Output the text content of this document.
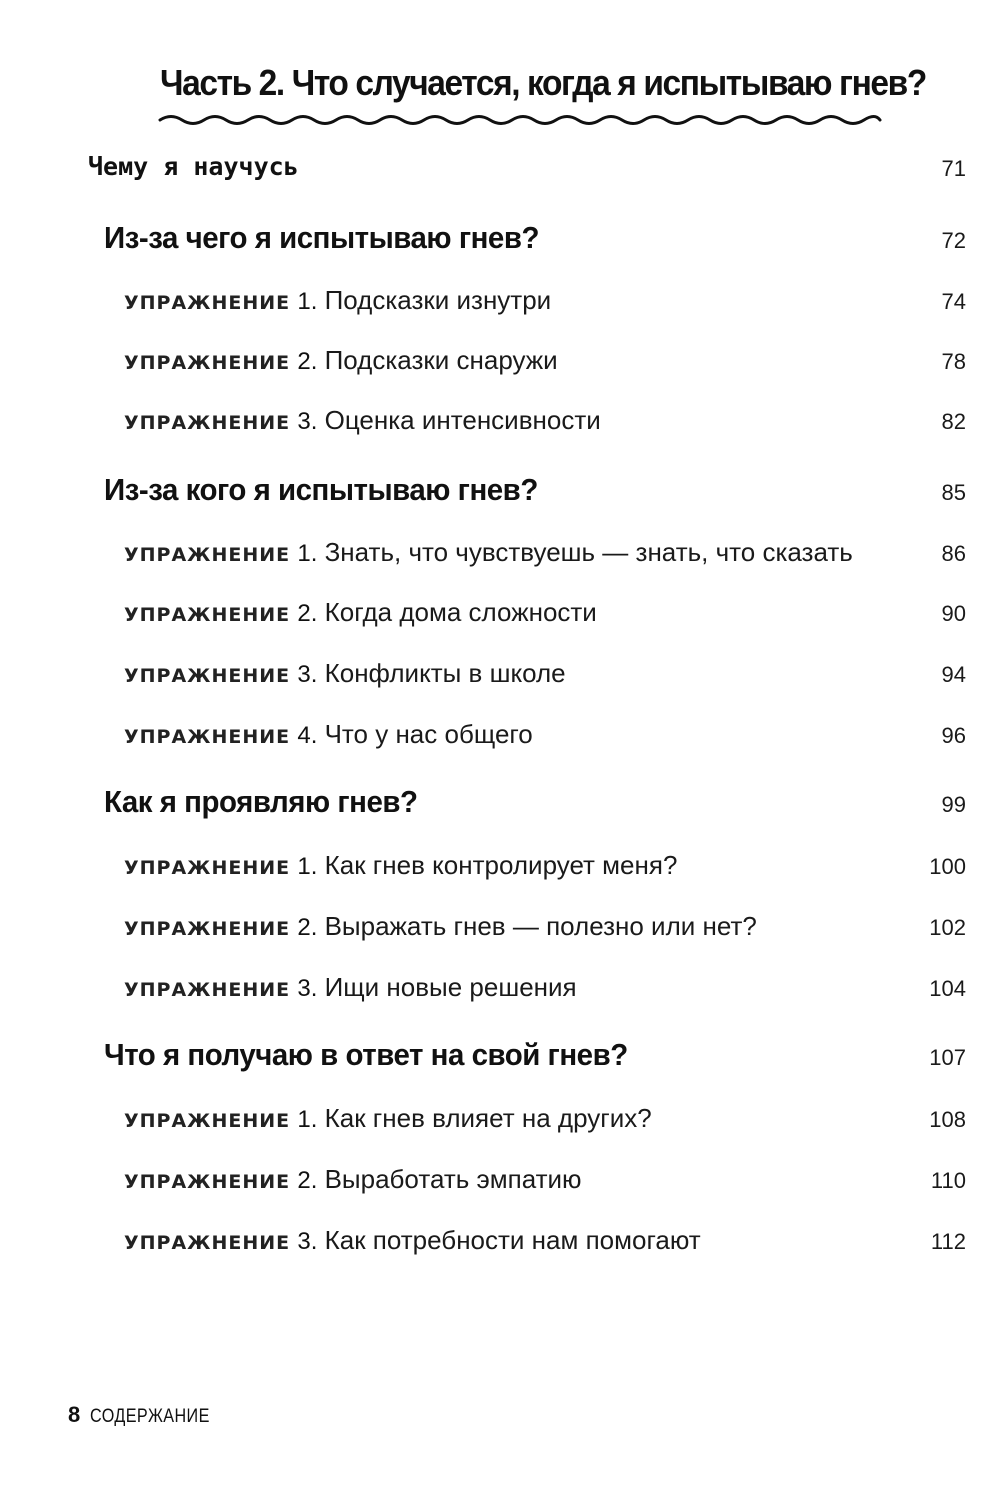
Часть 2. Что случается, когда я испытываю гнев?
Чему я научусь	71
Из-за чего я испытываю гнев?	72
УПРАЖНЕНИЕ 1. Подсказки изнутри	74
УПРАЖНЕНИЕ 2. Подсказки снаружи	78
УПРАЖНЕНИЕ 3. Оценка интенсивности	82
Из-за кого я испытываю гнев?	85
УПРАЖНЕНИЕ 1. Знать, что чувствуешь — знать, что сказать	86
УПРАЖНЕНИЕ 2. Когда дома сложности	90
УПРАЖНЕНИЕ 3. Конфликты в школе	94
УПРАЖНЕНИЕ 4. Что у нас общего	96
Как я проявляю гнев?	99
УПРАЖНЕНИЕ 1. Как гнев контролирует меня?	100
УПРАЖНЕНИЕ 2. Выражать гнев — полезно или нет?	102
УПРАЖНЕНИЕ 3. Ищи новые решения	104
Что я получаю в ответ на свой гнев?	107
УПРАЖНЕНИЕ 1. Как гнев влияет на других?	108
УПРАЖНЕНИЕ 2. Выработать эмпатию	110
УПРАЖНЕНИЕ 3. Как потребности нам помогают	112
8 СОДЕРЖАНИЕ
